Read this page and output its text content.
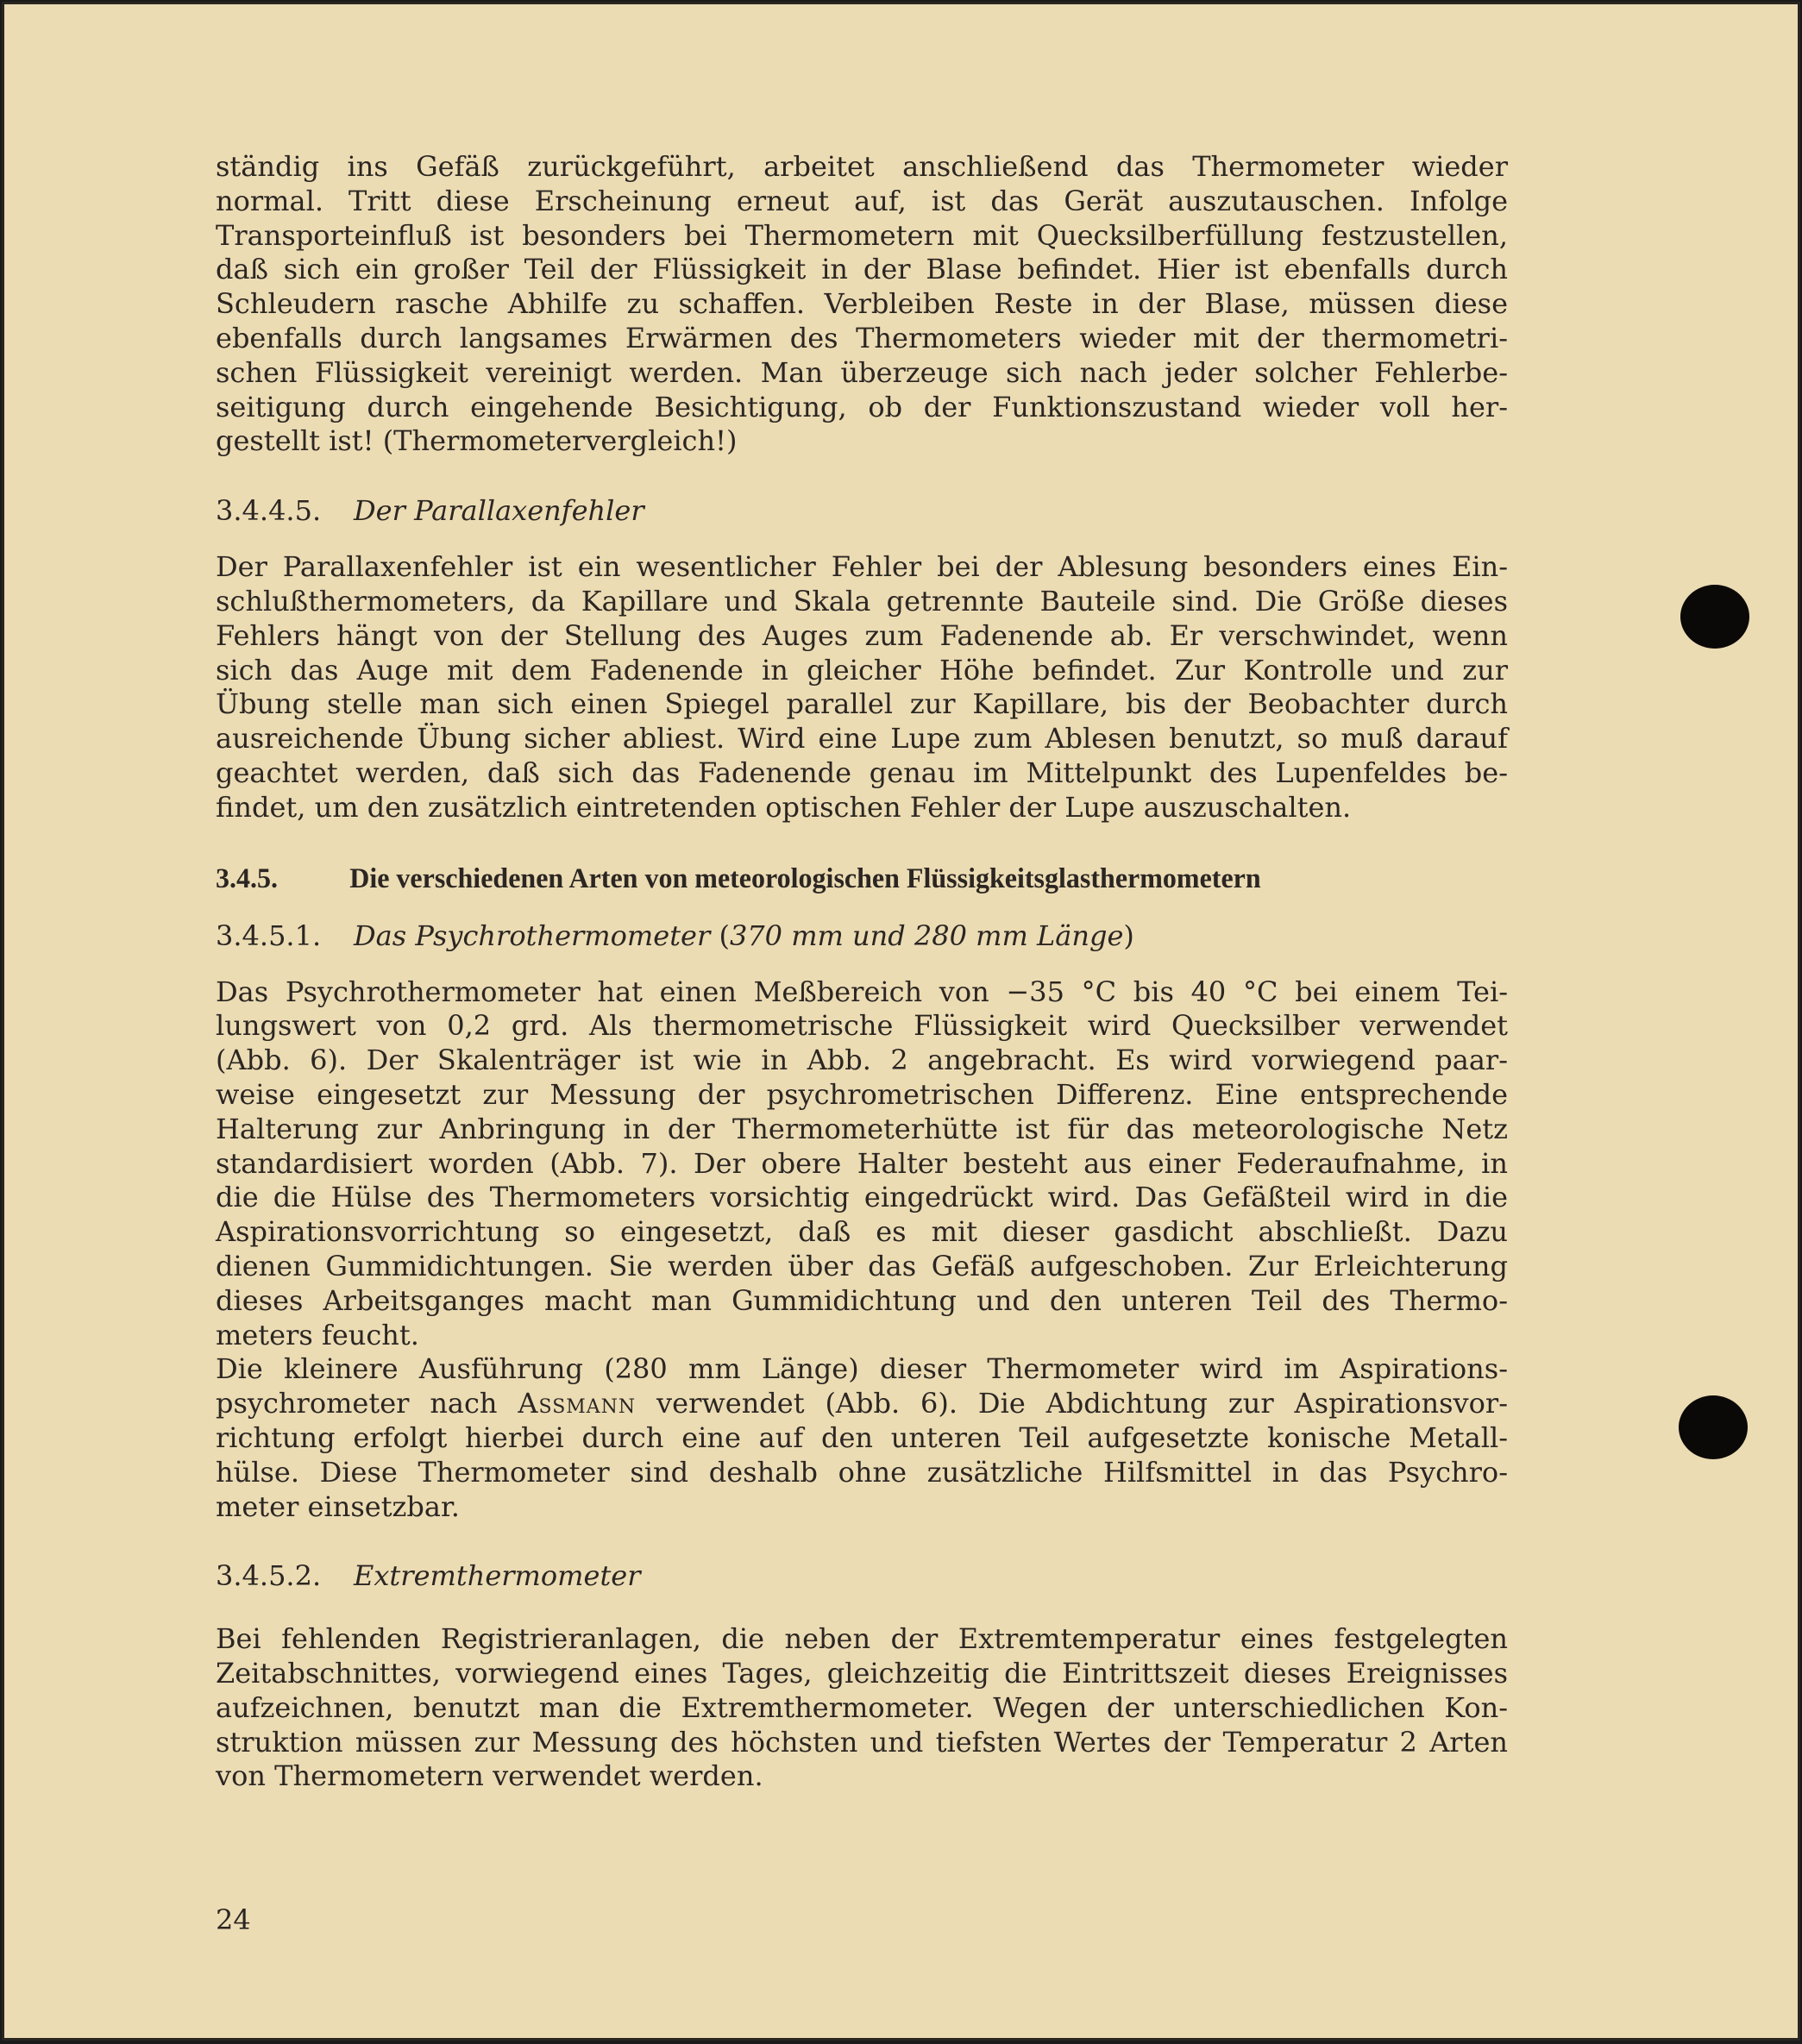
ständig ins Gefäß zurückgeführt, arbeitet anschließend das Thermometer wieder
normal. Tritt diese Erscheinung erneut auf, ist das Gerät auszutauschen. Infolge
Transporteinfluß ist besonders bei Thermometern mit Quecksilberfüllung festzustellen,
daß sich ein großer Teil der Flüssigkeit in der Blase befindet. Hier ist ebenfalls durch
Schleudern rasche Abhilfe zu schaffen. Verbleiben Reste in der Blase, müssen diese
ebenfalls durch langsames Erwärmen des Thermometers wieder mit der thermometri-
schen Flüssigkeit vereinigt werden. Man überzeuge sich nach jeder solcher Fehlerbe-
seitigung durch eingehende Besichtigung, ob der Funktionszustand wieder voll her-
gestellt ist! (Thermometervergleich!)
3.4.4.5. Der Parallaxenfehler
Der Parallaxenfehler ist ein wesentlicher Fehler bei der Ablesung besonders eines Ein-
schlußthermometers, da Kapillare und Skala getrennte Bauteile sind. Die Größe dieses
Fehlers hängt von der Stellung des Auges zum Fadenende ab. Er verschwindet, wenn
sich das Auge mit dem Fadenende in gleicher Höhe befindet. Zur Kontrolle und zur
Übung stelle man sich einen Spiegel parallel zur Kapillare, bis der Beobachter durch
ausreichende Übung sicher abliest. Wird eine Lupe zum Ablesen benutzt, so muß darauf
geachtet werden, daß sich das Fadenende genau im Mittelpunkt des Lupenfeldes be-
findet, um den zusätzlich eintretenden optischen Fehler der Lupe auszuschalten.
3.4.5.	Die verschiedenen Arten von meteorologischen Flüssigkeitsglasthermometern
3.4.5.1. Das Psychrothermometer (370 mm und 280 mm Länge)
Das Psychrothermometer hat einen Meßbereich von −35 °C bis 40 °C bei einem Tei-
lungswert von 0,2 grd. Als thermometrische Flüssigkeit wird Quecksilber verwendet
(Abb. 6). Der Skalenträger ist wie in Abb. 2 angebracht. Es wird vorwiegend paar-
weise eingesetzt zur Messung der psychrometrischen Differenz. Eine entsprechende
Halterung zur Anbringung in der Thermometerhütte ist für das meteorologische Netz
standardisiert worden (Abb. 7). Der obere Halter besteht aus einer Federaufnahme, in
die die Hülse des Thermometers vorsichtig eingedrückt wird. Das Gefäßteil wird in die
Aspirationsvorrichtung so eingesetzt, daß es mit dieser gasdicht abschließt. Dazu
dienen Gummidichtungen. Sie werden über das Gefäß aufgeschoben. Zur Erleichterung
dieses Arbeitsganges macht man Gummidichtung und den unteren Teil des Thermo-
meters feucht.
Die kleinere Ausführung (280 mm Länge) dieser Thermometer wird im Aspirations-
psychrometer nach Assmann verwendet (Abb. 6). Die Abdichtung zur Aspirationsvor-
richtung erfolgt hierbei durch eine auf den unteren Teil aufgesetzte konische Metall-
hülse. Diese Thermometer sind deshalb ohne zusätzliche Hilfsmittel in das Psychro-
meter einsetzbar.
3.4.5.2. Extremthermometer
Bei fehlenden Registrieranlagen, die neben der Extremtemperatur eines festgelegten
Zeitabschnittes, vorwiegend eines Tages, gleichzeitig die Eintrittszeit dieses Ereignisses
aufzeichnen, benutzt man die Extremthermometer. Wegen der unterschiedlichen Kon-
struktion müssen zur Messung des höchsten und tiefsten Wertes der Temperatur 2 Arten
von Thermometern verwendet werden.
24
